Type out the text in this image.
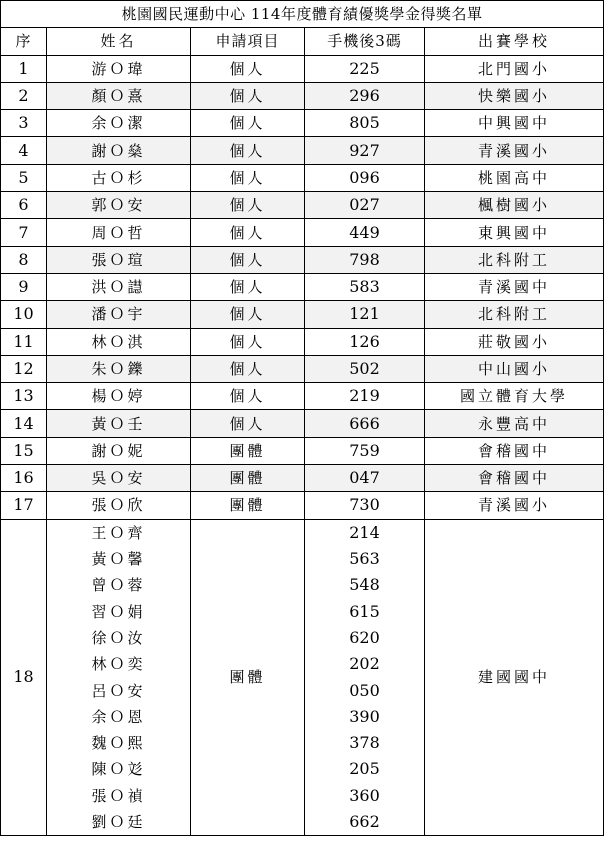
桃園國民運動中心 114年度體育績優獎學金得獎名單				
序	姓名	申請項目	手機後3碼	出賽學校
1	游Ｏ瑋	個人	225	北門國小
2	顏Ｏ熹	個人	296	快樂國小
3	余Ｏ潔	個人	805	中興國中
4	謝Ｏ燊	個人	927	青溪國小
5	古Ｏ杉	個人	096	桃園高中
6	郭Ｏ安	個人	027	楓樹國小
7	周Ｏ哲	個人	449	東興國中
8	張Ｏ瑄	個人	798	北科附工
9	洪Ｏ譿	個人	583	青溪國中
10	潘Ｏ宇	個人	121	北科附工
11	林Ｏ淇	個人	126	莊敬國小
12	朱Ｏ鑠	個人	502	中山國小
13	楊Ｏ婷	個人	219	國立體育大學
14	黃Ｏ壬	個人	666	永豐高中
15	謝Ｏ妮	團體	759	會稽國中
16	吳Ｏ安	團體	047	會稽國中
17	張Ｏ欣	團體	730	青溪國小
18	王Ｏ齊	團體	214	建國國中
	黃Ｏ馨		563	
	曾Ｏ蓉		548	
	習Ｏ娟		615	
	徐Ｏ汝		620	
	林Ｏ奕		202	
	呂Ｏ安		050	
	余Ｏ恩		390	
	魏Ｏ熙		378	
	陳Ｏ彣		205	
	張Ｏ禎		360	
	劉Ｏ廷		662	
